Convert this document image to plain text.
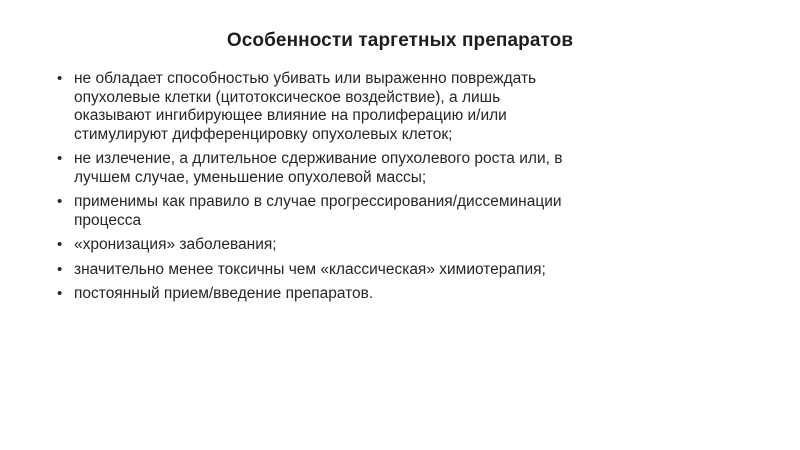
Особенности таргетных препаратов
• не обладает способностью убивать или выраженно повреждать
опухолевые клетки (цитотоксическое воздействие), а лишь
оказывают ингибирующее влияние на пролиферацию и/или
стимулируют дифференцировку опухолевых клеток;
• не излечение, а длительное сдерживание опухолевого роста или, в
лучшем случае, уменьшение опухолевой массы;
• применимы как правило в случае прогрессирования/диссеминации
процесса
• «хронизация» заболевания;
• значительно менее токсичны чем «классическая» химиотерапия;
• постоянный прием/введение препаратов.
